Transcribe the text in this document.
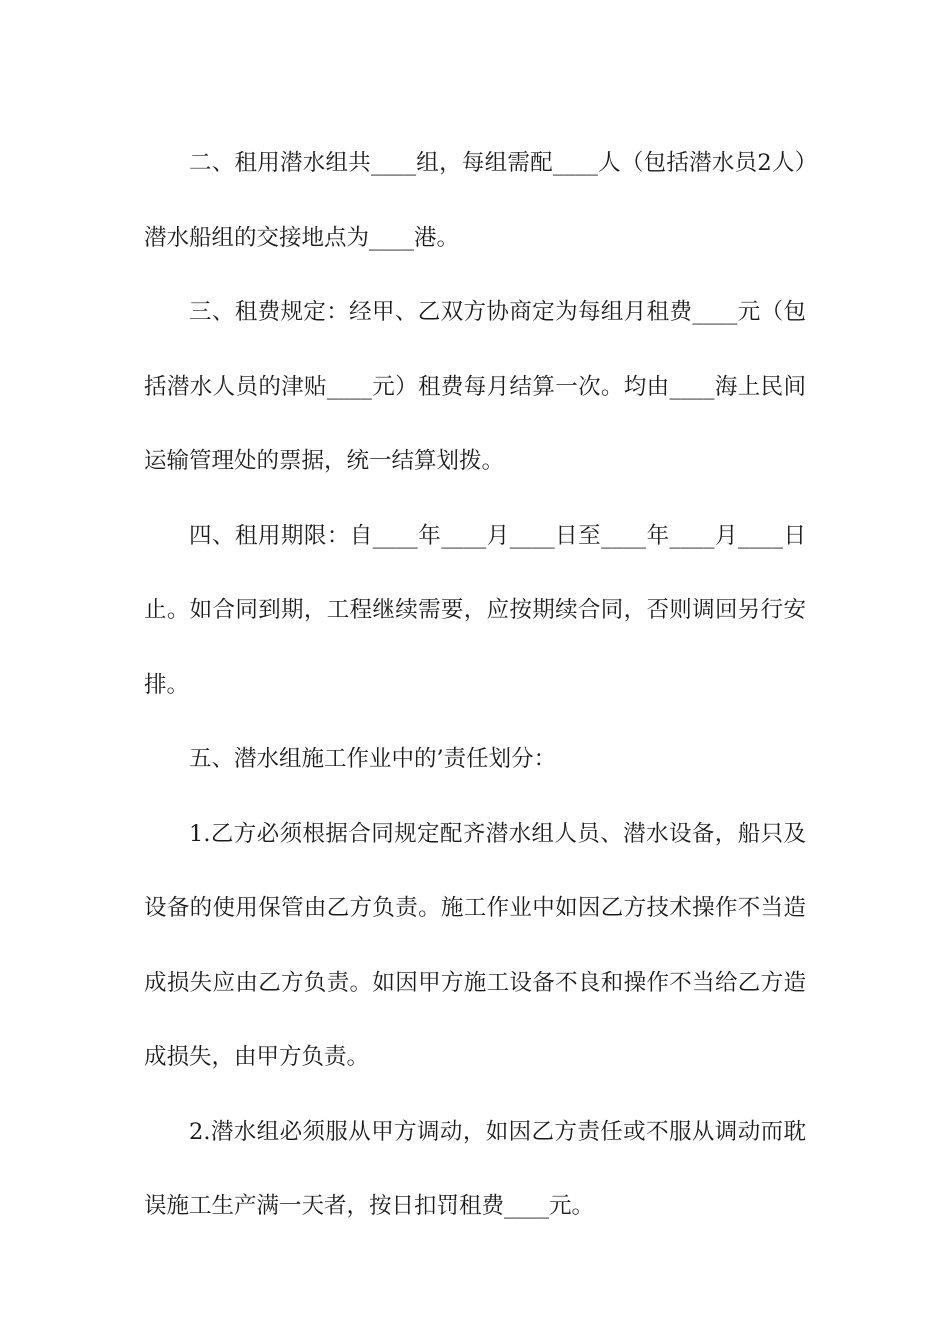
二、租用潜水组共____组，每组需配____人（包括潜水员2人）潜水船组的交接地点为____港。

三、租费规定：经甲、乙双方协商定为每组月租费____元（包括潜水人员的津贴____元）租费每月结算一次。均由____海上民间运输管理处的票据，统一结算划拨。

四、租用期限：自____年____月____日至____年____月____日止。如合同到期，工程继续需要，应按期续合同，否则调回另行安排。

五、潜水组施工作业中的’责任划分：

1.乙方必须根据合同规定配齐潜水组人员、潜水设备，船只及设备的使用保管由乙方负责。施工作业中如因乙方技术操作不当造成损失应由乙方负责。如因甲方施工设备不良和操作不当给乙方造成损失，由甲方负责。

2.潜水组必须服从甲方调动，如因乙方责任或不服从调动而耽误施工生产满一天者，按日扣罚租费____元。
